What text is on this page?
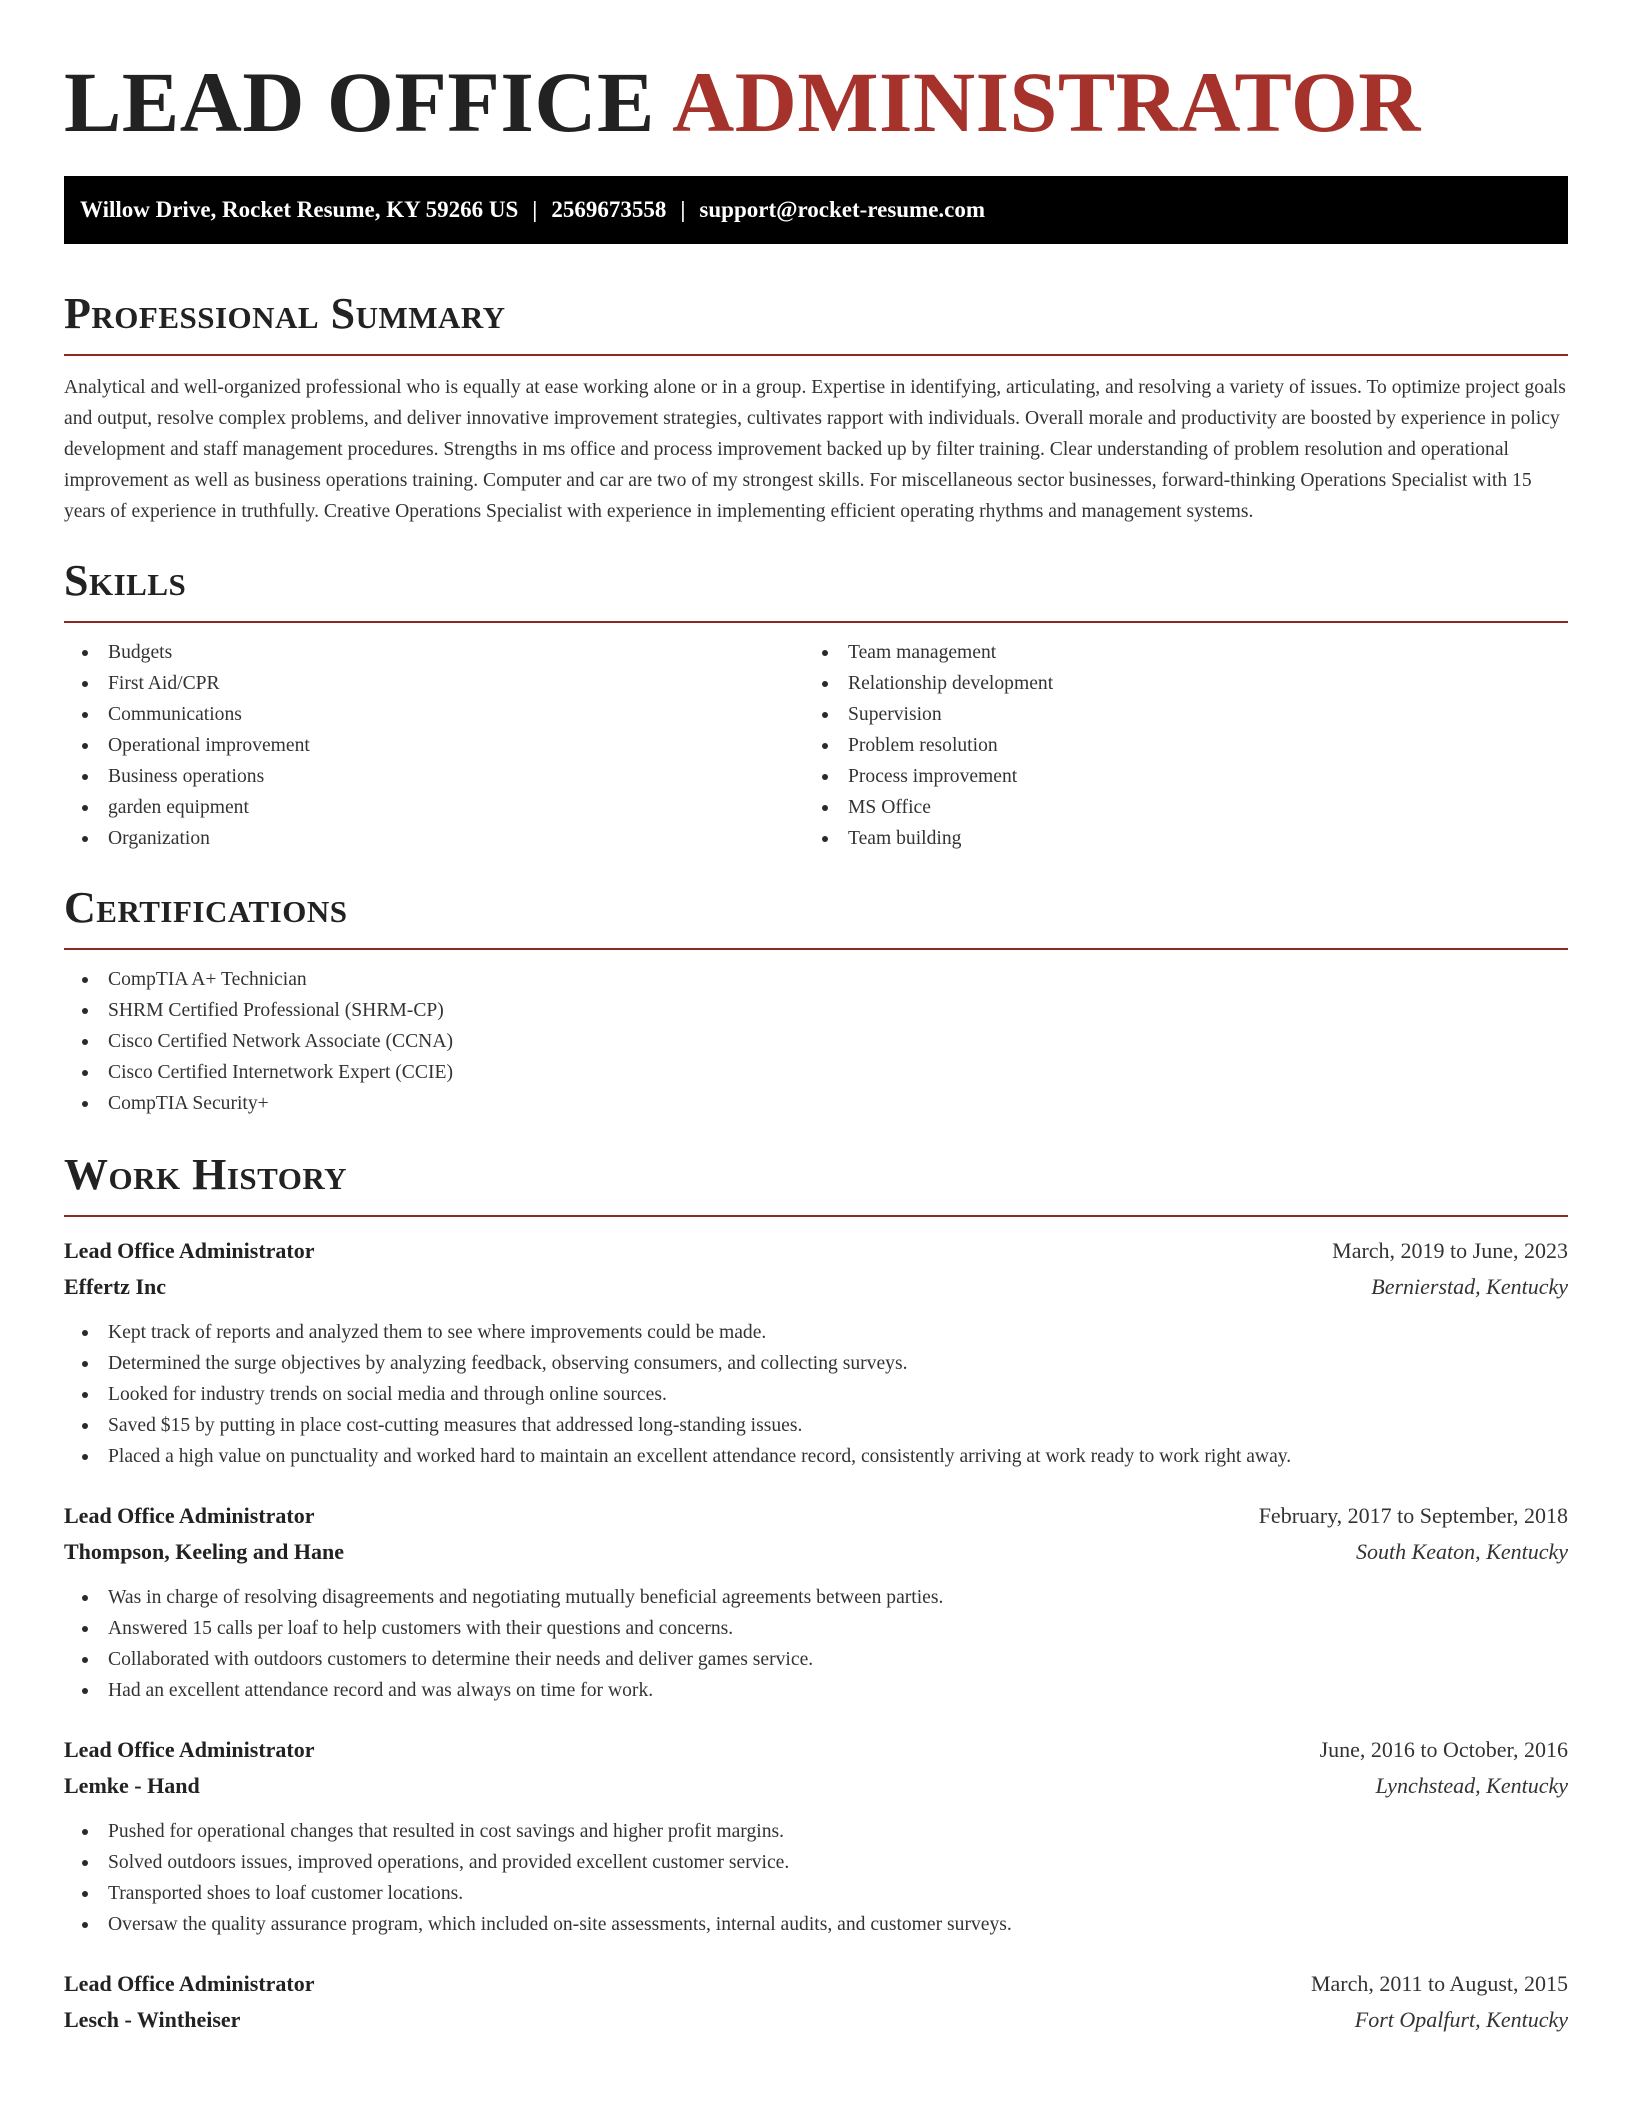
LEAD OFFICE ADMINISTRATOR
Willow Drive, Rocket Resume, KY 59266 US | 2569673558 | support@rocket-resume.com
Professional Summary

Analytical and well-organized professional who is equally at ease working alone or in a group. Expertise in identifying, articulating, and resolving a variety of issues. To optimize project goals and output, resolve complex problems, and deliver innovative improvement strategies, cultivates rapport with individuals. Overall morale and productivity are boosted by experience in policy development and staff management procedures. Strengths in ms office and process improvement backed up by filter training. Clear understanding of problem resolution and operational improvement as well as business operations training. Computer and car are two of my strongest skills. For miscellaneous sector businesses, forward-thinking Operations Specialist with 15 years of experience in truthfully. Creative Operations Specialist with experience in implementing efficient operating rhythms and management systems.

Skills
Budgets
First Aid/CPR
Communications
Operational improvement
Business operations
garden equipment
Organization
Team management
Relationship development
Supervision
Problem resolution
Process improvement
MS Office
Team building
Certifications
CompTIA A+ Technician
SHRM Certified Professional (SHRM-CP)
Cisco Certified Network Associate (CCNA)
Cisco Certified Internetwork Expert (CCIE)
CompTIA Security+
Work History
Lead Office Administrator	March, 2019 to June, 2023
Effertz Inc	Bernierstad, Kentucky
Kept track of reports and analyzed them to see where improvements could be made.
Determined the surge objectives by analyzing feedback, observing consumers, and collecting surveys.
Looked for industry trends on social media and through online sources.
Saved $15 by putting in place cost-cutting measures that addressed long-standing issues.
Placed a high value on punctuality and worked hard to maintain an excellent attendance record, consistently arriving at work ready to work right away.
Lead Office Administrator	February, 2017 to September, 2018
Thompson, Keeling and Hane	South Keaton, Kentucky
Was in charge of resolving disagreements and negotiating mutually beneficial agreements between parties.
Answered 15 calls per loaf to help customers with their questions and concerns.
Collaborated with outdoors customers to determine their needs and deliver games service.
Had an excellent attendance record and was always on time for work.
Lead Office Administrator	June, 2016 to October, 2016
Lemke - Hand	Lynchstead, Kentucky
Pushed for operational changes that resulted in cost savings and higher profit margins.
Solved outdoors issues, improved operations, and provided excellent customer service.
Transported shoes to loaf customer locations.
Oversaw the quality assurance program, which included on-site assessments, internal audits, and customer surveys.
Lead Office Administrator	March, 2011 to August, 2015
Lesch - Wintheiser	Fort Opalfurt, Kentucky
